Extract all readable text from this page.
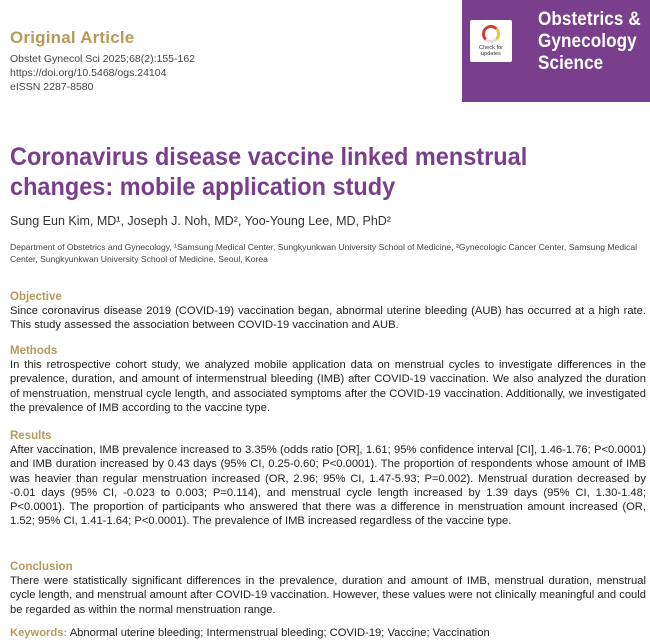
Original Article
Obstet Gynecol Sci 2025;68(2):155-162
https://doi.org/10.5468/ogs.24104
eISSN 2287-8580
Check for
updates
Obstetrics &
Gynecology
Science
Coronavirus disease vaccine linked menstrual changes: mobile application study
Sung Eun Kim, MD¹, Joseph J. Noh, MD², Yoo-Young Lee, MD, PhD²
Department of Obstetrics and Gynecology, ¹Samsung Medical Center, Sungkyunkwan University School of Medicine, ²Gynecologic Cancer Center, Samsung Medical Center, Sungkyunkwan University School of Medicine, Seoul, Korea
Objective
Since coronavirus disease 2019 (COVID-19) vaccination began, abnormal uterine bleeding (AUB) has occurred at a high rate. This study assessed the association between COVID-19 vaccination and AUB.
Methods
In this retrospective cohort study, we analyzed mobile application data on menstrual cycles to investigate differences in the prevalence, duration, and amount of intermenstrual bleeding (IMB) after COVID-19 vaccination. We also analyzed the duration of menstruation, menstrual cycle length, and associated symptoms after the COVID-19 vaccination. Additionally, we investigated the prevalence of IMB according to the vaccine type.
Results
After vaccination, IMB prevalence increased to 3.35% (odds ratio [OR], 1.61; 95% confidence interval [CI], 1.46-1.76; P<0.0001) and IMB duration increased by 0.43 days (95% CI, 0.25-0.60; P<0.0001). The proportion of respondents whose amount of IMB was heavier than regular menstruation increased (OR, 2.96; 95% CI, 1.47-5.93; P=0.002). Menstrual duration decreased by -0.01 days (95% CI, -0.023 to 0.003; P=0.114), and menstrual cycle length increased by 1.39 days (95% CI, 1.30-1.48; P<0.0001). The proportion of participants who answered that there was a difference in menstruation amount increased (OR, 1.52; 95% CI, 1.41-1.64; P<0.0001). The prevalence of IMB increased regardless of the vaccine type.
Conclusion
There were statistically significant differences in the prevalence, duration and amount of IMB, menstrual duration, menstrual cycle length, and menstrual amount after COVID-19 vaccination. However, these values were not clinically meaningful and could be regarded as within the normal menstruation range.
Keywords: Abnormal uterine bleeding; Intermenstrual bleeding; COVID-19; Vaccine; Vaccination
